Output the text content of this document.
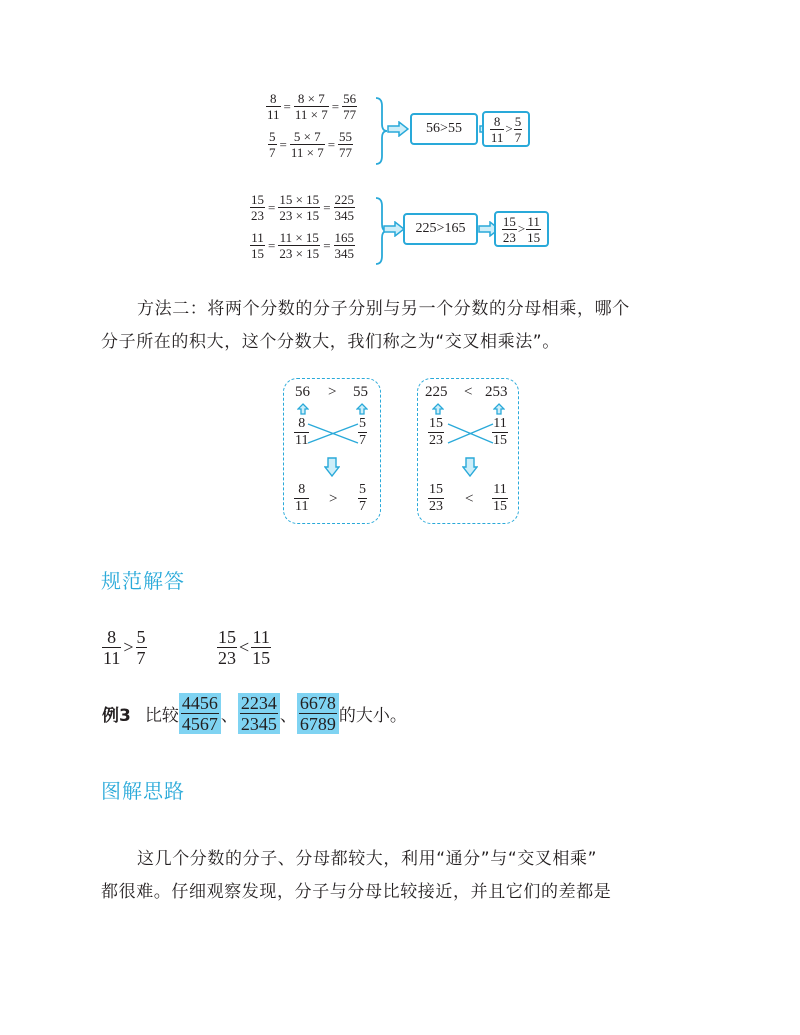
$\frac{8}{11} = \frac{8 \times 7}{11 \times 7} = \frac{56}{77}$
$\frac{5}{7} = \frac{5 \times 7}{11 \times 7} = \frac{55}{77}$
$56>55 \frac{8}{11} > \frac{5}{7}$
$\frac{15}{23} = \frac{15 \times 15}{23 \times 15} = \frac{225}{345}$
$\frac{11}{15} = \frac{11 \times 15}{23 \times 15} = \frac{165}{345}$
225>165	$\frac{15}{23} > \frac{11}{15}$
方法二：将两个分数的分子分别与另一个分数的分母相乘，哪个
分子所在的积大，这个分数大，我们称之为“交叉相乘法”。
56 > 55
$\frac{8}{11}$	$\frac{5}{7}$
$\frac{8}{11} > \frac{5}{7}$
225 < 253
$\frac{15}{23}$	$\frac{11}{15}$
$\frac{15}{23} < \frac{11}{15}$
规范解答
$\frac{8}{11} > \frac{5}{7}$	$\frac{15}{23} < \frac{11}{15}$
例3 比较 $\frac{4456}{4567}$ 、 $\frac{2234}{2345}$ 、 $\frac{6678}{6789}$ 的大小。
图解思路
这几个分数的分子、分母都较大，利用“通分”与“交叉相乘”
都很难。仔细观察发现，分子与分母比较接近，并且它们的差都是
